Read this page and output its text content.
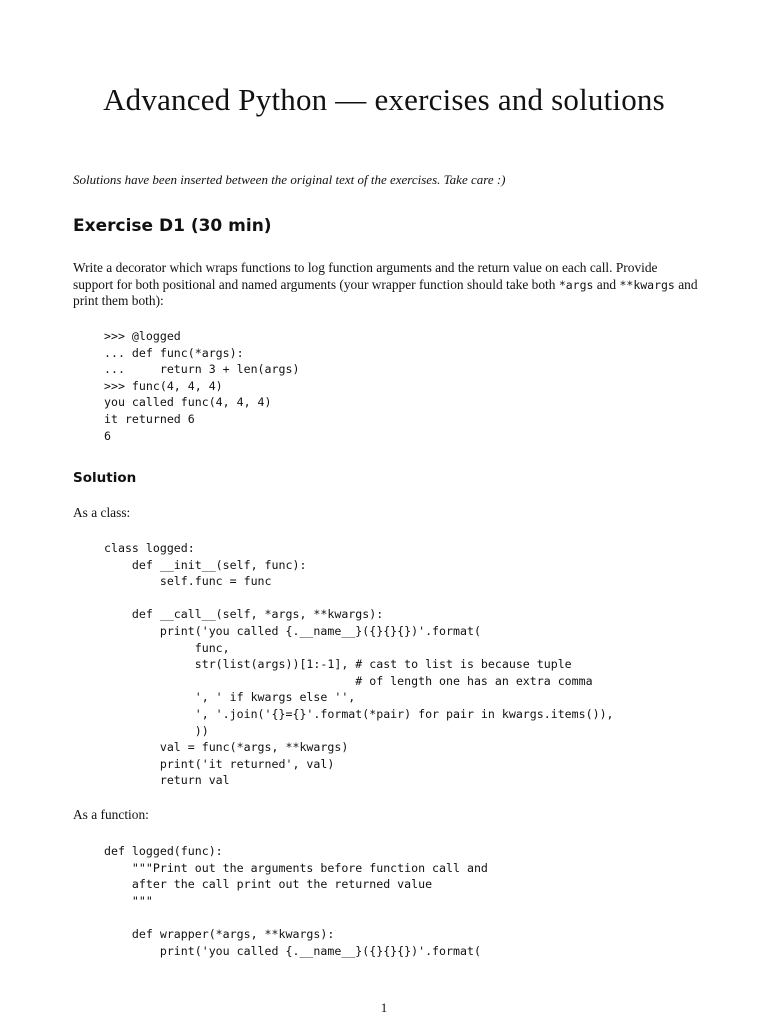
Advanced Python — exercises and solutions

Solutions have been inserted between the original text of the exercises. Take care :)

Exercise D1 (30 min)

Write a decorator which wraps functions to log function arguments and the return value on each call. Provide support for both positional and named arguments (your wrapper function should take both *args and **kwargs and print them both):

>>> @logged
... def func(*args):
...     return 3 + len(args)
>>> func(4, 4, 4)
you called func(4, 4, 4)
it returned 6
6
Solution

As a class:

class logged:
def __init__(self, func):
self.func = func

def __call__(self, *args, **kwargs):
print('you called {.__name__}({}{}{})'.format(
func,
str(list(args))[1:-1], # cast to list is because tuple
# of length one has an extra comma
', ' if kwargs else '',
', '.join('{}={}'.format(*pair) for pair in kwargs.items()),
))
val = func(*args, **kwargs)
print('it returned', val)
return val

As a function:

def logged(func):
"""Print out the arguments before function call and
after the call print out the returned value
"""

def wrapper(*args, **kwargs):
print('you called {.__name__}({}{}{})'.format(

1
